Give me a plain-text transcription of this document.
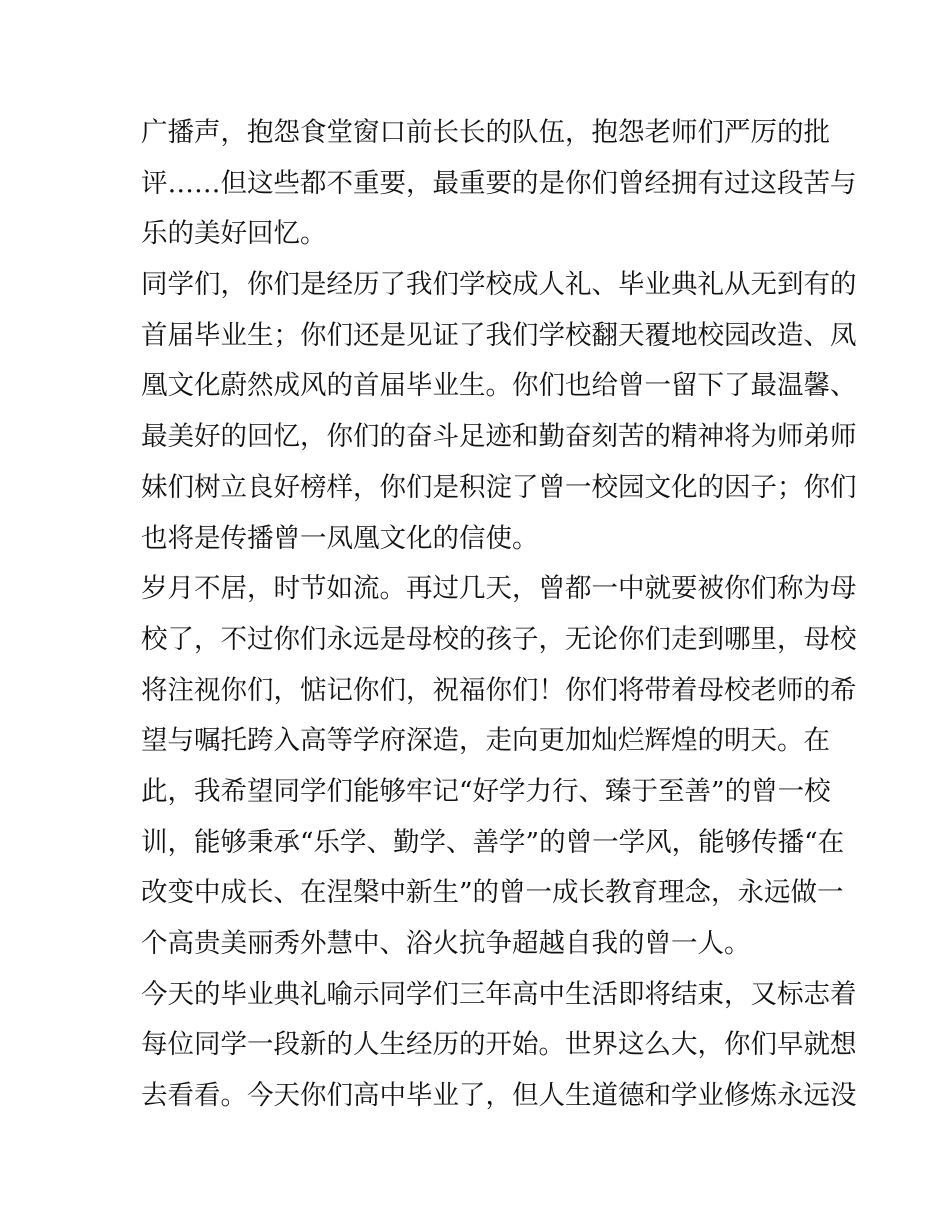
广播声，抱怨食堂窗口前长长的队伍，抱怨老师们严厉的批
评……但这些都不重要，最重要的是你们曾经拥有过这段苦与
乐的美好回忆。
同学们，你们是经历了我们学校成人礼、毕业典礼从无到有的
首届毕业生；你们还是见证了我们学校翻天覆地校园改造、凤
凰文化蔚然成风的首届毕业生。你们也给曾一留下了最温馨、
最美好的回忆，你们的奋斗足迹和勤奋刻苦的精神将为师弟师
妹们树立良好榜样，你们是积淀了曾一校园文化的因子；你们
也将是传播曾一凤凰文化的信使。
岁月不居，时节如流。再过几天，曾都一中就要被你们称为母
校了，不过你们永远是母校的孩子，无论你们走到哪里，母校
将注视你们，惦记你们，祝福你们！你们将带着母校老师的希
望与嘱托跨入高等学府深造，走向更加灿烂辉煌的明天。在
此，我希望同学们能够牢记“好学力行、臻于至善”的曾一校
训，能够秉承“乐学、勤学、善学”的曾一学风，能够传播“在
改变中成长、在涅槃中新生”的曾一成长教育理念，永远做一
个高贵美丽秀外慧中、浴火抗争超越自我的曾一人。
今天的毕业典礼喻示同学们三年高中生活即将结束，又标志着
每位同学一段新的人生经历的开始。世界这么大，你们早就想
去看看。今天你们高中毕业了，但人生道德和学业修炼永远没
